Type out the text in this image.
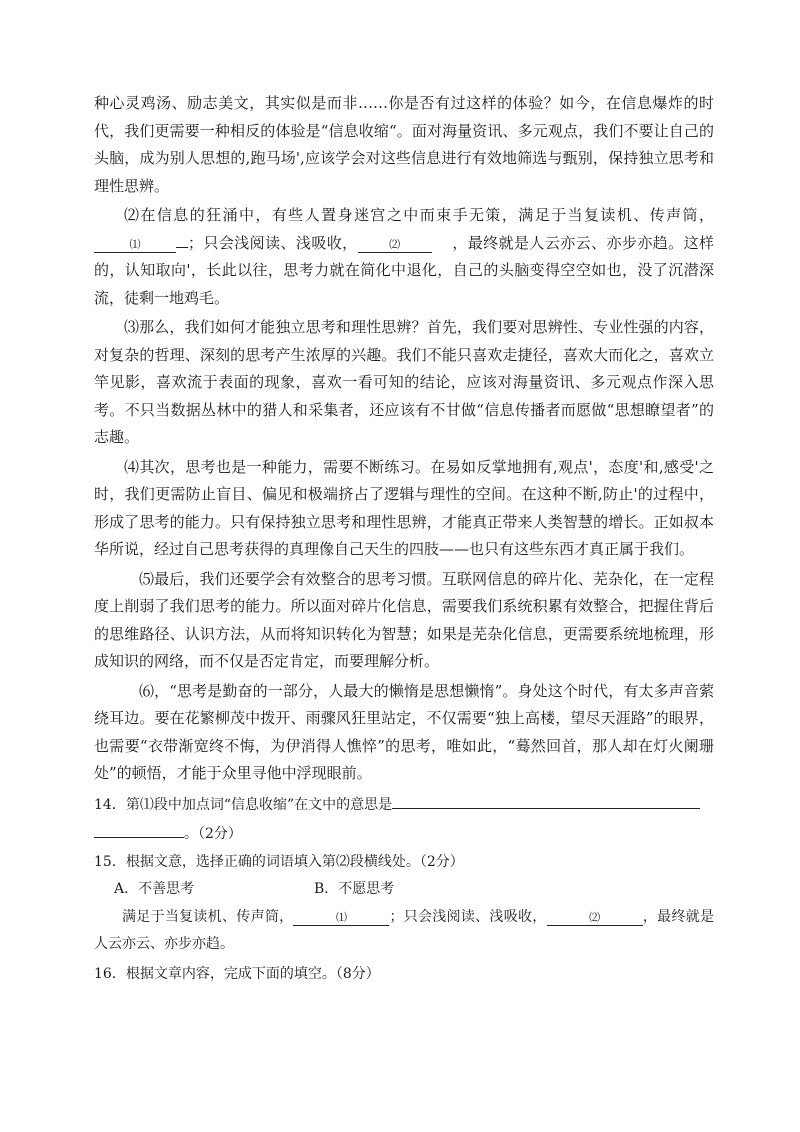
种心灵鸡汤、励志美文，其实似是而非……你是否有过这样的体验？如今，在信息爆炸的时代，我们更需要一种相反的体验是“信息收缩“。面对海量资讯、多元观点，我们不要让自己的头脑，成为别人思想的,跑马场',应该学会对这些信息进行有效地筛选与甄别，保持独立思考和理性思辨。

⑵在信息的狂涌中，有些人置身迷宫之中而束手无策，满足于当复读机、传声筒，⑴	；只会浅阅读、浅吸收，	⑵	，最终就是人云亦云、亦步亦趋。这样的，认知取向'，长此以往，思考力就在简化中退化，自己的头脑变得空空如也，没了沉潜深流，徒剩一地鸡毛。

⑶那么，我们如何才能独立思考和理性思辨？首先，我们要对思辨性、专业性强的内容，对复杂的哲理、深刻的思考产生浓厚的兴趣。我们不能只喜欢走捷径，喜欢大而化之，喜欢立竿见影，喜欢流于表面的现象，喜欢一看可知的结论，应该对海量资讯、多元观点作深入思考。不只当数据丛林中的猎人和采集者，还应该有不甘做“信息传播者而愿做“思想瞭望者”的志趣。

⑷其次，思考也是一种能力，需要不断练习。在易如反掌地拥有,观点'，态度'和,感受'之时，我们更需防止盲目、偏见和极端挤占了逻辑与理性的空间。在这种不断,防止'的过程中，形成了思考的能力。只有保持独立思考和理性思辨，才能真正带来人类智慧的增长。正如叔本华所说，经过自己思考获得的真理像自己天生的四肢——也只有这些东西才真正属于我们。

⑸最后，我们还要学会有效整合的思考习惯。互联网信息的碎片化、芜杂化，在一定程度上削弱了我们思考的能力。所以面对碎片化信息，需要我们系统积累有效整合，把握住背后的思维路径、认识方法，从而将知识转化为智慧；如果是芜杂化信息，更需要系统地梳理，形成知识的网络，而不仅是否定肯定，而要理解分析。

⑹，“思考是勤奋的一部分，人最大的懒惰是思想懒惰”。身处这个时代，有太多声音萦绕耳边。要在花繁柳茂中拨开、雨骤风狂里站定，不仅需要“独上高楼，望尽天涯路”的眼界，也需要“衣带渐宽终不悔，为伊消得人憔悴”的思考，唯如此，“蓦然回首，那人却在灯火阑珊处”的顿悟，才能于众里寻他中浮现眼前。

14．第⑴段中加点词“信息收缩”在文中的意思是
。（2分）

15．根据文意，选择正确的词语填入第⑵段横线处。（2分）

A．不善思考	B．不愿思考

满足于当复读机、传声筒，	⑴	；只会浅阅读、浅吸收，	⑵	，最终就是人云亦云、亦步亦趋。

16．根据文章内容，完成下面的填空。（8分）
